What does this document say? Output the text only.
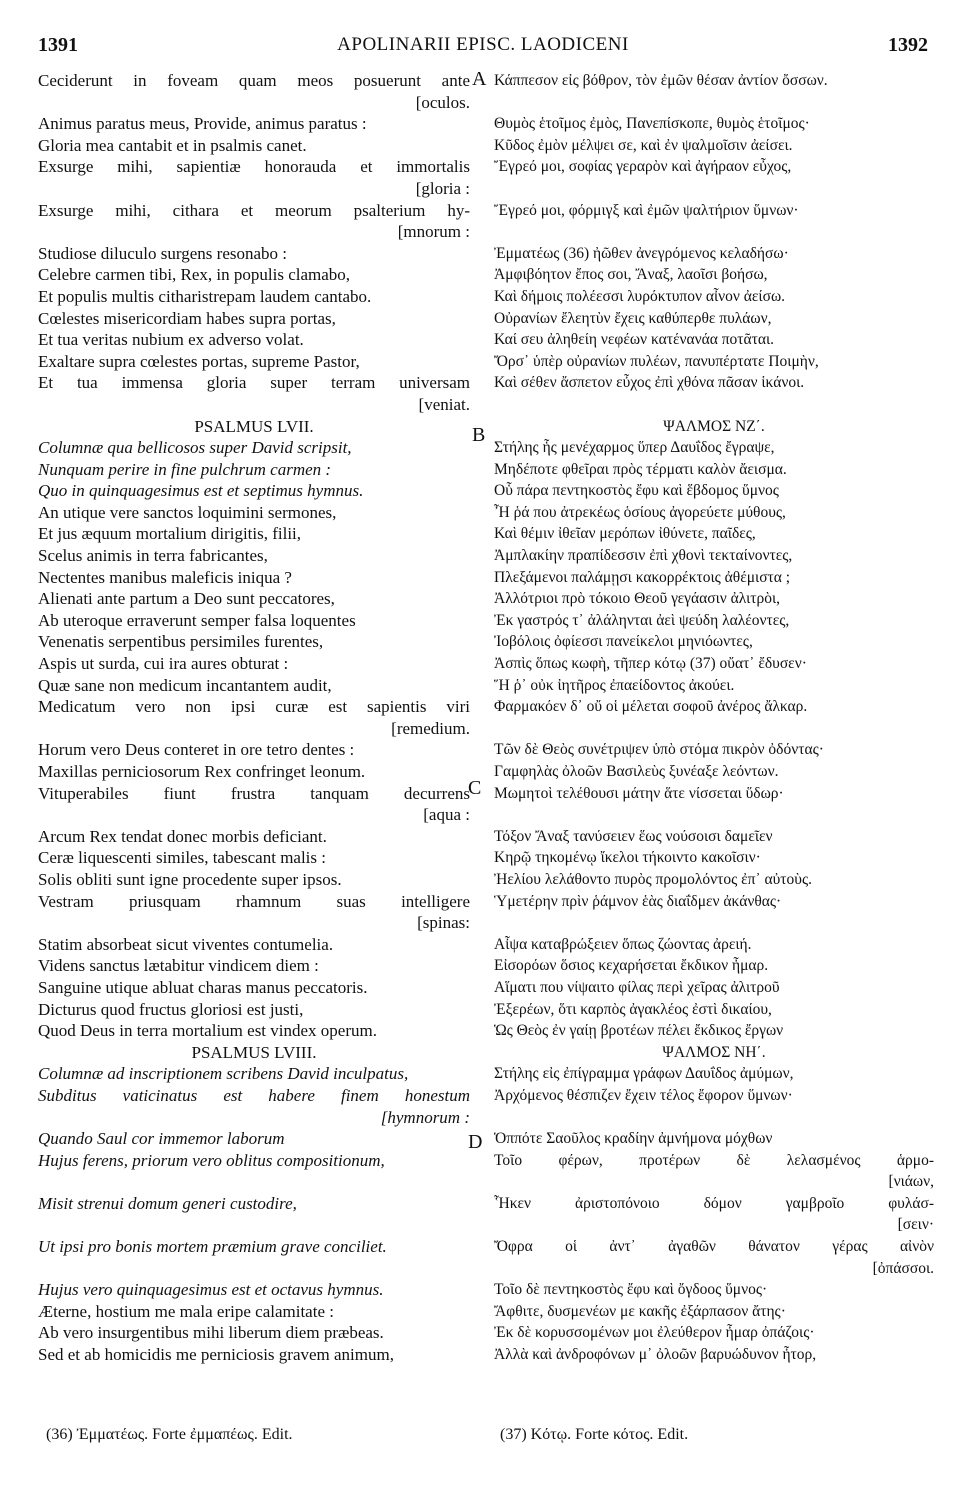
1391	APOLINARII EPISC. LAODICENI	1392
Ceciderunt in foveam quam meos posuerunt ante
[oculos.
Animus paratus meus, Provide, animus paratus :
Gloria mea cantabit et in psalmis canet.
Exsurge mihi, sapientiæ honorauda et immortalis
[gloria :
Exsurge mihi, cithara et meorum psalterium hy-
[mnorum :
Studiose diluculo surgens resonabo :
Celebre carmen tibi, Rex, in populis clamabo,
Et populis multis citharistrepam laudem cantabo.
Cœlestes misericordiam habes supra portas,
Et tua veritas nubium ex adverso volat.
Exaltare supra cœlestes portas, supreme Pastor,
Et tua immensa gloria super terram universam
[veniat.
PSALMUS LVII.
Columnæ qua bellicosos super David scripsit,
Nunquam perire in fine pulchrum carmen :
Quo in quinquagesimus est et septimus hymnus.
An utique vere sanctos loquimini sermones,
Et jus æquum mortalium dirigitis, filii,
Scelus animis in terra fabricantes,
Nectentes manibus maleficis iniqua ?
Alienati ante partum a Deo sunt peccatores,
Ab uteroque erraverunt semper falsa loquentes
Venenatis serpentibus persimiles furentes,
Aspis ut surda, cui ira aures obturat :
Quæ sane non medicum incantantem audit,
Medicatum vero non ipsi curæ est sapientis viri
[remedium.
Horum vero Deus conteret in ore tetro dentes :
Maxillas perniciosorum Rex confringet leonum.
Vituperabiles fiunt frustra tanquam decurrens
[aqua :
Arcum Rex tendat donec morbis deficiant.
Ceræ liquescenti similes, tabescant malis :
Solis obliti sunt igne procedente super ipsos.
Vestram priusquam rhamnum suas intelligere
[spinas:
Statim absorbeat sicut viventes contumelia.
Videns sanctus lætabitur vindicem diem :
Sanguine utique abluat charas manus peccatoris.
Dicturus quod fructus gloriosi est justi,
Quod Deus in terra mortalium est vindex operum.
PSALMUS LVIII.
Columnæ ad inscriptionem scribens David inculpatus,
Subditus vaticinatus est habere finem honestum
[hymnorum :
Quando Saul cor immemor laborum
Hujus ferens, priorum vero oblitus compositionum,
Misit strenui domum generi custodire,
Ut ipsi pro bonis mortem præmium grave conciliet.
Hujus vero quinquagesimus est et octavus hymnus.
Æterne, hostium me mala eripe calamitate :
Ab vero insurgentibus mihi liberum diem præbeas.
Sed et ab homicidis me perniciosis gravem animum,
Κάππεσον εἰς βόθρον, τὸν ἐμῶν θέσαν ἀντίον ὄσσων.
Θυμὸς ἑτοῖμος ἐμὸς, Πανεπίσκοπε, θυμὸς ἑτοῖμος·
Κῦδος ἐμὸν μέλψει σε, καὶ ἐν ψαλμοῖσιν ἀείσει.
Ἔγρεό μοι, σοφίας γεραρὸν καὶ ἀγήραον εὖχος,
Ἔγρεό μοι, φόρμιγξ καὶ ἐμῶν ψαλτήριον ὕμνων·
Ἐμματέως (36) ἠῶθεν ἀνεγρόμενος κελαδήσω·
Ἀμφιβόητον ἔπος σοι, Ἄναξ, λαοῖσι βοήσω,
Καὶ δήμοις πολέεσσι λυρόκτυπον αἶνον ἀείσω.
Οὐρανίων ἔλεητὺν ἔχεις καθύπερθε πυλάων,
Καί σευ ἀληθείη νεφέων κατένανάα ποτᾶται.
Ὄρσ᾽ ὑπὲρ οὐρανίων πυλέων, πανυπέρτατε Ποιμὴν,
Καὶ σέθεν ἄσπετον εὖχος ἐπὶ χθόνα πᾶσαν ἱκάνοι.
ΨΑΛΜΟΣ ΝΖ΄.
Στήλης ἧς μενέχαρμος ὕπερ Δαυΐδος ἔγραψε,
Μηδέποτε φθεῖραι πρὸς τέρματι καλὸν ἄεισμα.
Οὗ πάρα πεντηκοστὸς ἔφυ καὶ ἕβδομος ὕμνος
Ἦ ῥά που ἀτρεκέως ὁσίους ἀγορεύετε μύθους,
Καὶ θέμιν ἰθεῖαν μερόπων ἰθύνετε, παῖδες,
Ἀμπλακίην πραπίδεσσιν ἐπὶ χθονὶ τεκταίνοντες,
Πλεξάμενοι παλάμῃσι κακορρέκτοις ἀθέμιστα ;
Ἀλλότριοι πρὸ τόκοιο Θεοῦ γεγάασιν ἀλιτρὸι,
Ἐκ γαστρός τ᾽ ἀλάληνται ἀεὶ ψεύδη λαλέοντες,
Ἰοβόλοις ὀφίεσσι πανείκελοι μηνιόωντες,
Ἀσπὶς ὅπως κωφὴ, τῆπερ κότῳ (37) οὔατ᾽ ἔδυσεν·
Ἥ ῥ᾽ οὐκ ἰητῆρος ἐπαείδοντος ἀκούει.
Φαρμακόεν δ᾽ οὔ οἱ μέλεται σοφοῦ ἀνέρος ἄλκαρ.
Τῶν δὲ Θεὸς συνέτριψεν ὑπὸ στόμα πικρὸν ὀδόντας·
Γαμφηλὰς ὀλοῶν Βασιλεὺς ξυνέαξε λεόντων.
Μωμητοὶ τελέθουσι μάτην ἅτε νίσσεται ὕδωρ·
Τόξον Ἄναξ τανύσειεν ἕως νούσοισι δαμεῖεν
Κηρῷ τηκομένῳ ἴκελοι τήκοιντο κακοῖσιν·
Ἠελίου λελάθοντο πυρὸς προμολόντος ἐπ᾽ αὐτοὺς.
Ὑμετέρην πρὶν ῥάμνον ἑὰς διαΐδμεν ἀκάνθας·
Αἶψα καταβρώξειεν ὅπως ζώοντας ἀρειή.
Εἰσορόων ὅσιος κεχαρήσεται ἔκδικον ἦμαρ.
Αἵματι που νίψαιτο φίλας περὶ χεῖρας ἀλιτροῦ
Ἐξερέων, ὅτι καρπὸς ἀγακλέος ἐστὶ δικαίου,
Ὡς Θεὸς ἐν γαίῃ βροτέων πέλει ἔκδικος ἔργων
ΨΑΛΜΟΣ ΝΗ΄.
Στήλης εἰς ἐπίγραμμα γράφων Δαυΐδος ἀμύμων,
Ἀρχόμενος θέσπιζεν ἔχειν τέλος ἔφορον ὕμνων·
Ὁππότε Σαοῦλος κραδίην ἀμνήμονα μόχθων
Τοῖο φέρων, προτέρων δὲ λελασμένος ἁρμο-
[νιάων,
Ἧκεν ἀριστοπόνοιο δόμον γαμβροῖο φυλάσ-
[σειν·
Ὄφρα οἱ ἀντ᾽ ἀγαθῶν θάνατον γέρας αἰνὸν
[ὀπάσσοι.
Τοῖο δὲ πεντηκοστὸς ἔφυ καὶ ὄγδοος ὕμνος·
Ἄφθιτε, δυσμενέων με κακῆς ἐξάρπασον ἄτης·
Ἐκ δὲ κορυσσομένων μοι ἐλεύθερον ἦμαρ ὀπάζοις·
Ἀλλὰ καὶ ἀνδροφόνων μ᾽ ὀλοῶν βαρυώδυνον ἦτορ,
A
B
C
D
(36) Ἐμματέως. Forte ἐμμαπέως. Edit.	(37) Κότῳ. Forte κότος. Edit.
